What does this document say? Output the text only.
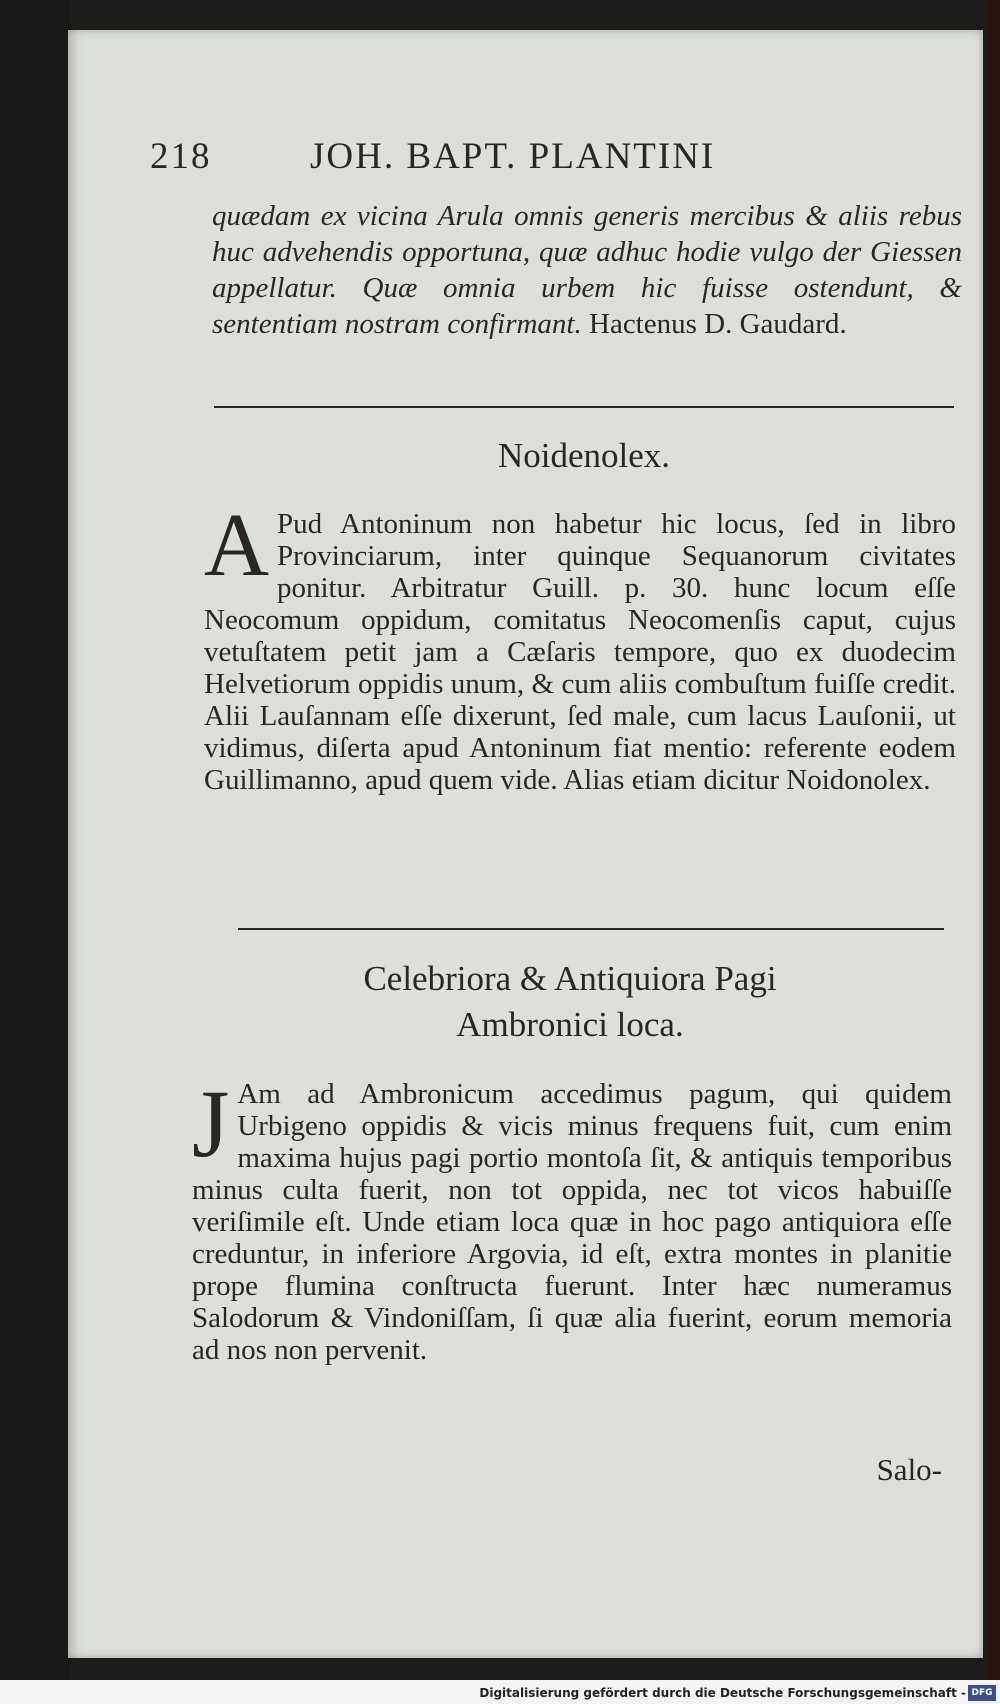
218	JOH. BAPT. PLANTINI
quædam ex vicina Arula omnis generis mercibus & aliis rebus huc advehendis opportuna, quæ adhuc hodie vulgo der Giessen appellatur. Quæ omnia urbem hic fuisse ostendunt, & sententiam nostram confirmant. Hactenus D. Gaudard.
Noidenolex.
A Pud Antoninum non habetur hic locus, ſed in libro Provinciarum, inter quinque Sequanorum civitates ponitur. Arbitratur Guill. p. 30. hunc locum eſſe Neocomum oppidum, comitatus Neocomenſis caput, cujus vetuſtatem petit jam a Cæſaris tempore, quo ex duodecim Helvetiorum oppidis unum, & cum aliis combuſtum fuiſſe credit. Alii Lauſannam eſſe dixerunt, ſed male, cum lacus Lauſonii, ut vidimus, diſerta apud Antoninum fiat mentio: referente eodem Guillimanno, apud quem vide. Alias etiam dicitur Noidonolex.
Celebriora & Antiquiora Pagi
Ambronici loca.
J Am ad Ambronicum accedimus pagum, qui quidem Urbigeno oppidis & vicis minus frequens fuit, cum enim maxima hujus pagi portio montoſa ſit, & antiquis temporibus minus culta fuerit, non tot oppida, nec tot vicos habuiſſe veriſimile eſt. Unde etiam loca quæ in hoc pago antiquiora eſſe creduntur, in inferiore Argovia, id eſt, extra montes in planitie prope flumina conſtructa fuerunt. Inter hæc numeramus Salodorum & Vindoniſſam, ſi quæ alia fuerint, eorum memoria ad nos non pervenit.
Salo-
Digitalisierung gefördert durch die Deutsche Forschungsgemeinschaft - DFG
